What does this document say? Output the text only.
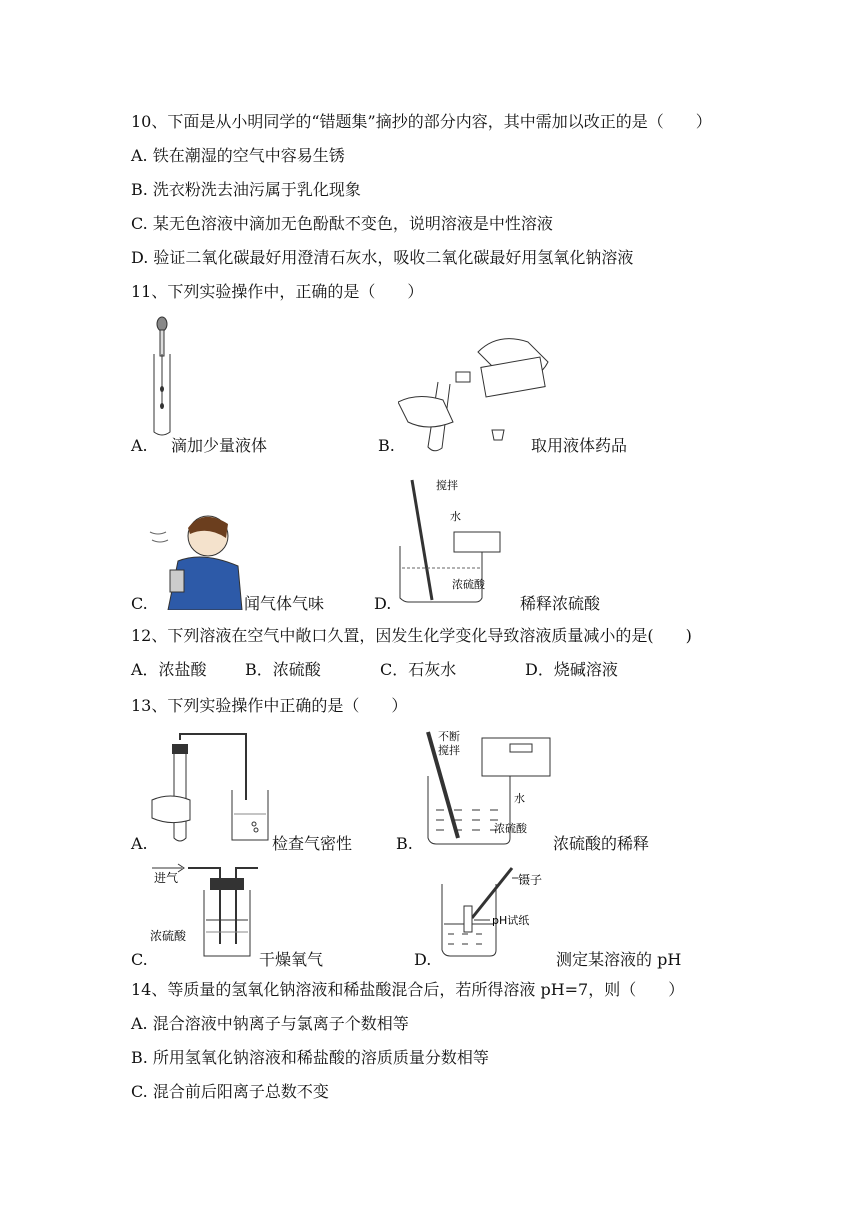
10、下面是从小明同学的“错题集”摘抄的部分内容，其中需加以改正的是（　　）
A. 铁在潮湿的空气中容易生锈
B. 洗衣粉洗去油污属于乳化现象
C. 某无色溶液中滴加无色酚酞不变色，说明溶液是中性溶液
D. 验证二氧化碳最好用澄清石灰水，吸收二氧化碳最好用氢氧化钠溶液
11、下列实验操作中，正确的是（　　）
A. 滴加少量液体	B.	取用液体药品
C.	闻气体气味
搅拌
水
浓硫酸
D.	稀释浓硫酸
12、下列溶液在空气中敞口久置，因发生化学变化导致溶液质量减小的是(　　)
A．浓盐酸 B．浓硫酸	C．石灰水	D．烧碱溶液
13、下列实验操作中正确的是（　　）
A.	检查气密性
不断
搅拌
水
浓硫酸
B.	浓硫酸的稀释
进气
浓硫酸
C.	干燥氧气
镊子
pH试纸
D.	测定某溶液的 pH
14、等质量的氢氧化钠溶液和稀盐酸混合后，若所得溶液 pH=7，则（　　）
A. 混合溶液中钠离子与氯离子个数相等
B. 所用氢氧化钠溶液和稀盐酸的溶质质量分数相等
C. 混合前后阳离子总数不变
